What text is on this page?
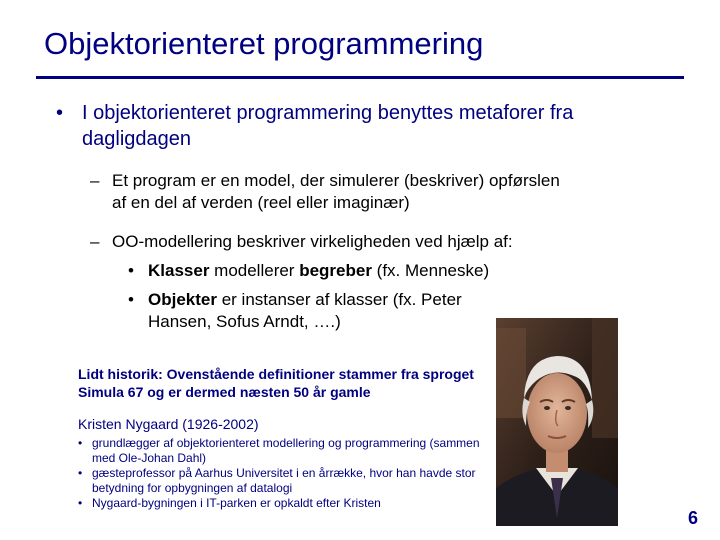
Objektorienteret programmering
• I objektorienteret programmering benyttes metaforer fra dagligdagen
– Et program er en model, der simulerer (beskriver) opførslen af en del af verden (reel eller imaginær)
– OO-modellering beskriver virkeligheden ved hjælp af:
• Klasser modellerer begreber (fx. Menneske)
• Objekter er instanser af klasser (fx. Peter Hansen, Sofus Arndt, ….)
Lidt historik: Ovenstående definitioner stammer fra sproget Simula 67 og er dermed næsten 50 år gamle
Kristen Nygaard (1926-2002)
• grundlægger af objektorienteret modellering og programmering (sammen med Ole-Johan Dahl)
• gæsteprofessor på Aarhus Universitet i en årrække, hvor han havde stor betydning for opbygningen af datalogi
• Nygaard-bygningen i IT-parken er opkaldt efter Kristen
6
